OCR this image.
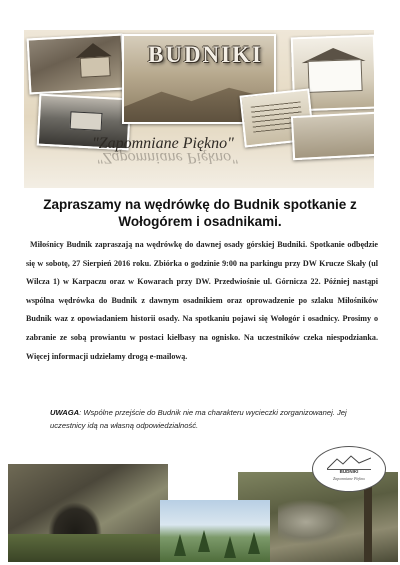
BUDNIKI
"Zapomniane Piękno"
"Zapomniane Piękno"
Zapraszamy na wędrówkę do Budnik spotkanie z Wołogórem i osadnikami.
Miłośnicy Budnik zapraszają na wędrówkę do dawnej osady górskiej Budniki. Spotkanie odbędzie się w sobotę, 27 Sierpień 2016 roku. Zbiórka o godzinie 9:00 na parkingu przy DW Krucze Skały (ul Wilcza 1) w Karpaczu oraz w Kowarach przy DW. Przedwiośnie ul. Górnicza 22. Później nastąpi wspólna wędrówka do Budnik z dawnym osadnikiem oraz oprowadzenie po szlaku Miłośników Budnik waz z opowiadaniem historii osady. Na spotkaniu pojawi się Wołogór i osadnicy. Prosimy o zabranie ze sobą prowiantu w postaci kiełbasy na ognisko. Na uczestników czeka niespodzianka. Więcej informacji udzielamy drogą e-mailową.
UWAGA: Wspólne przejście do Budnik nie ma charakteru wycieczki zorganizowanej. Jej uczestnicy idą na własną odpowiedzialność.
BUDNIKI
Zapomniane Piękno
